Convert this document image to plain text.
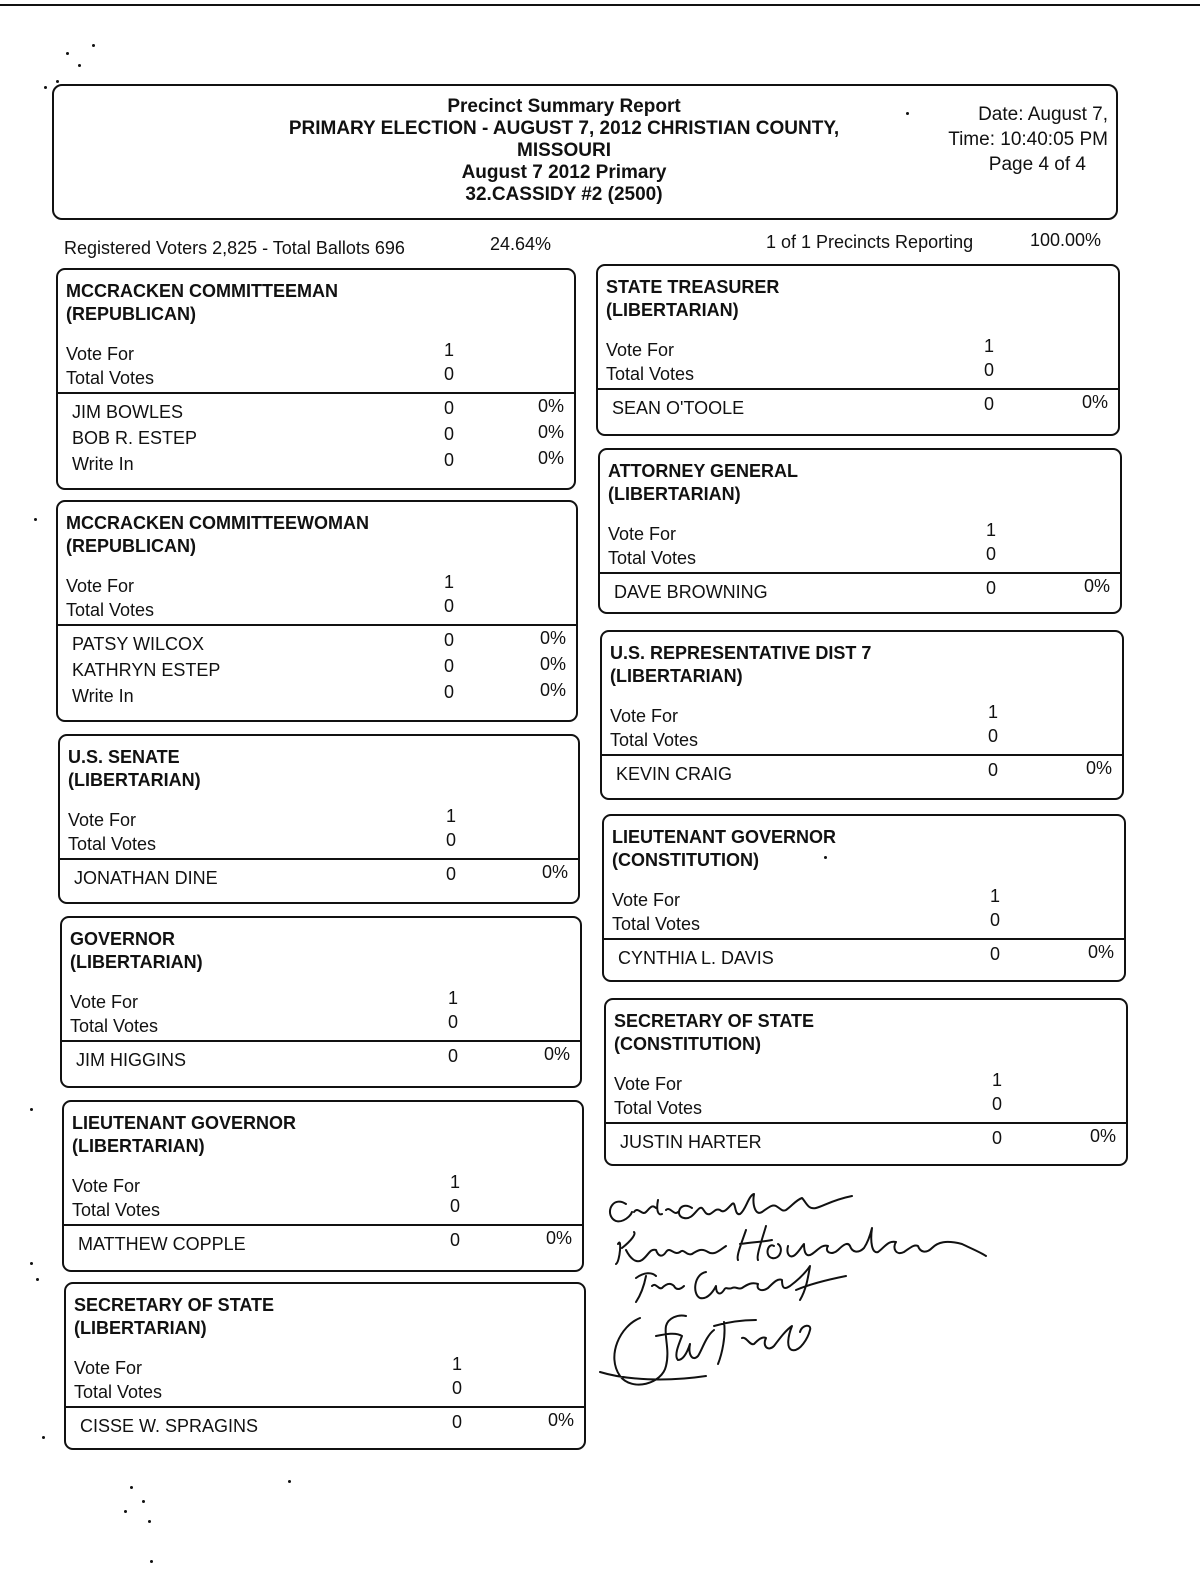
Precinct Summary Report
PRIMARY ELECTION - AUGUST 7, 2012 CHRISTIAN COUNTY,
MISSOURI
August 7 2012 Primary
32.CASSIDY #2 (2500)
Date: August 7,
Time: 10:40:05 PM
Page 4 of 4
Registered Voters 2,825 - Total Ballots 696	24.64%	1 of 1 Precincts Reporting	100.00%
MCCRACKEN COMMITTEEMAN
(REPUBLICAN)
Vote For	1
Total Votes	0
JIM BOWLES	0	0%
BOB R. ESTEP	0	0%
Write In	0	0%
MCCRACKEN COMMITTEEWOMAN
(REPUBLICAN)
Vote For	1
Total Votes	0
PATSY WILCOX	0	0%
KATHRYN ESTEP	0	0%
Write In	0	0%
U.S. SENATE
(LIBERTARIAN)
Vote For	1
Total Votes	0
JONATHAN DINE	0	0%
GOVERNOR
(LIBERTARIAN)
Vote For	1
Total Votes	0
JIM HIGGINS	0	0%
LIEUTENANT GOVERNOR
(LIBERTARIAN)
Vote For	1
Total Votes	0
MATTHEW COPPLE	0	0%
SECRETARY OF STATE
(LIBERTARIAN)
Vote For	1
Total Votes	0
CISSE W. SPRAGINS	0	0%
STATE TREASURER
(LIBERTARIAN)
Vote For	1
Total Votes	0
SEAN O'TOOLE	0	0%
ATTORNEY GENERAL
(LIBERTARIAN)
Vote For	1
Total Votes	0
DAVE BROWNING	0	0%
U.S. REPRESENTATIVE DIST 7
(LIBERTARIAN)
Vote For	1
Total Votes	0
KEVIN CRAIG	0	0%
LIEUTENANT GOVERNOR
(CONSTITUTION)
Vote For	1
Total Votes	0
CYNTHIA L. DAVIS	0	0%
SECRETARY OF STATE
(CONSTITUTION)
Vote For	1
Total Votes	0
JUSTIN HARTER	0	0%
